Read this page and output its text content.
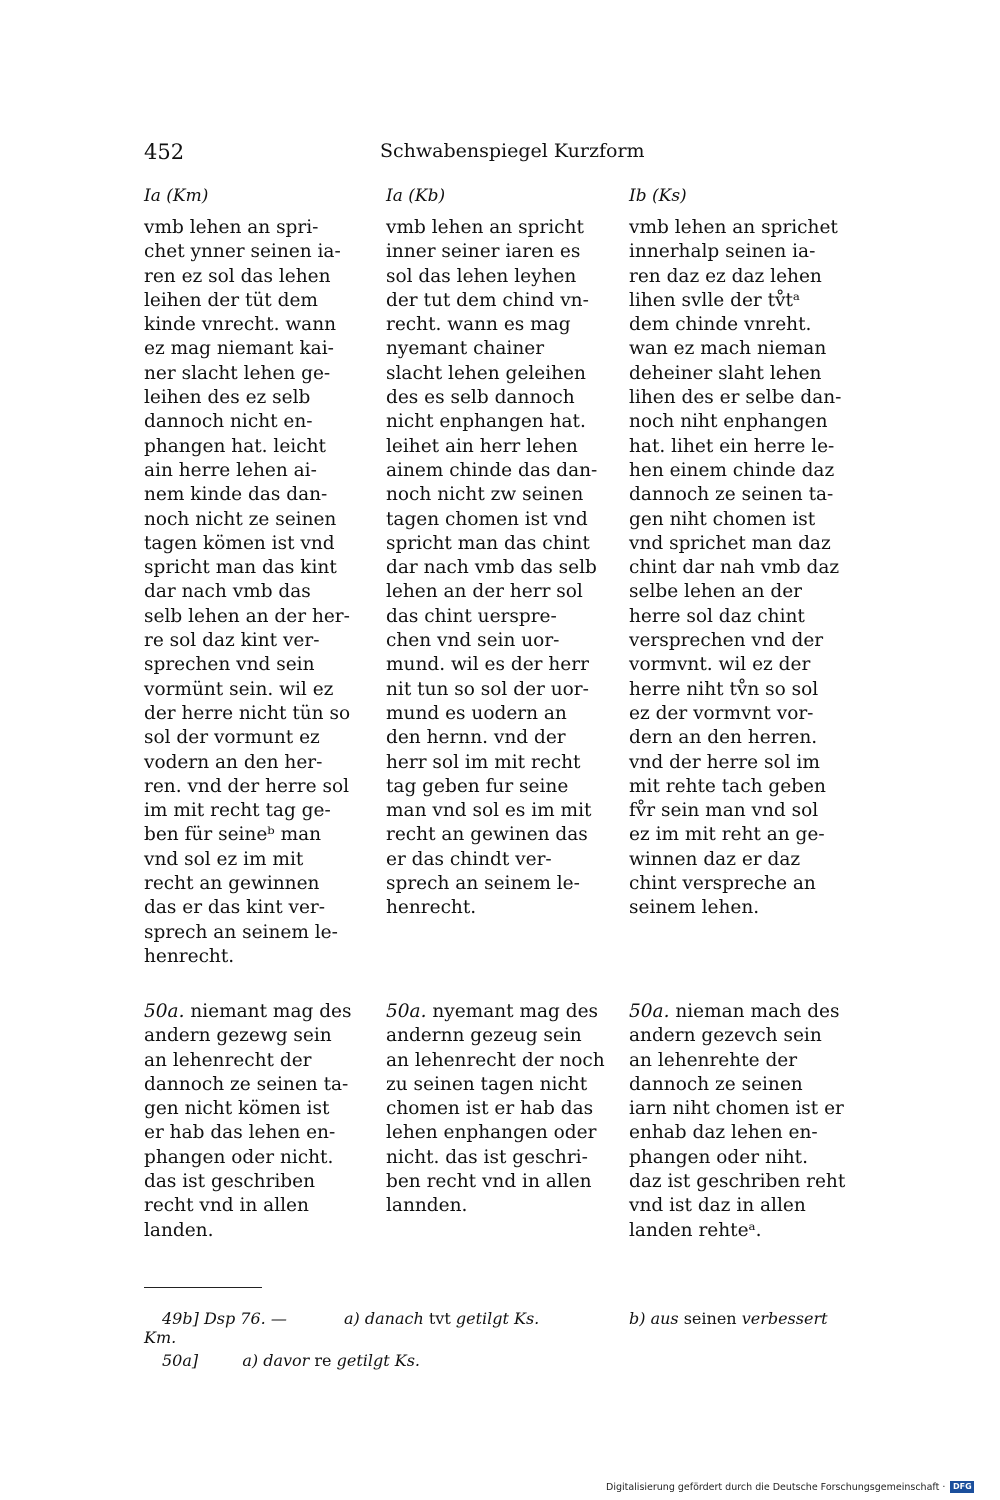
452	Schwabenspiegel Kurzform
Ia (Km)	Ia (Kb)	Ib (Ks)
vmb lehen an spri-
chet ynner seinen ia-
ren ez sol das lehen
leihen der tüt dem
kinde vnrecht. wann
ez mag niemant kai-
ner slacht lehen ge-
leihen des ez selb
dannoch nicht en-
phangen hat. leicht
ain herre lehen ai-
nem kinde das dan-
noch nicht ze seinen
tagen kömen ist vnd
spricht man das kint
dar nach vmb das
selb lehen an der her-
re sol daz kint ver-
sprechen vnd sein
vormünt sein. wil ez
der herre nicht tün so
sol der vormunt ez
vodern an den her-
ren. vnd der herre sol
im mit recht tag ge-
ben für seineᵇ man
vnd sol ez im mit
recht an gewinnen
das er das kint ver-
sprech an seinem le-
henrecht.
vmb lehen an spricht
inner seiner iaren es
sol das lehen leyhen
der tut dem chind vn-
recht. wann es mag
nyemant chainer
slacht lehen geleihen
des es selb dannoch
nicht enphangen hat.
leihet ain herr lehen
ainem chinde das dan-
noch nicht zw seinen
tagen chomen ist vnd
spricht man das chint
dar nach vmb das selb
lehen an der herr sol
das chint uersprе-
chen vnd sein uor-
mund. wil es der herr
nit tun so sol der uor-
mund es uodern an
den hernn. vnd der
herr sol im mit recht
tag geben fur seine
man vnd sol es im mit
recht an gewinen das
er das chindt ver-
sprech an seinem le-
henrecht.
vmb lehen an sprichet
innerhalp seinen ia-
ren daz ez daz lehen
lihen svlle der tv̊tᵃ
dem chinde vnreht.
wan ez mach nieman
deheiner slaht lehen
lihen des er selbe dan-
noch niht enphangen
hat. lihet ein herre le-
hen einem chinde daz
dannoch ze seinen ta-
gen niht chomen ist
vnd sprichet man daz
chint dar nah vmb daz
selbe lehen an der
herre sol daz chint
versprechen vnd der
vormvnt. wil ez der
herre niht tv̊n so sol
ez der vormvnt vor-
dern an den herren.
vnd der herre sol im
mit rehte tach geben
fv̊r sein man vnd sol
ez im mit reht an ge-
winnen daz er daz
chint versprеche an
seinem lehen.
50a. niemant mag des
andern gezewg sein
an lehenrecht der
dannoch ze seinen ta-
gen nicht kömen ist
er hab das lehen en-
phangen oder nicht.
das ist geschriben
recht vnd in allen
landen.
50a. nyemant mag des
andernn gezeug sein
an lehenrecht der noch
zu seinen tagen nicht
chomen ist er hab das
lehen enphangen oder
nicht. das ist geschri-
ben recht vnd in allen
lannden.
50a. nieman mach des
andern gezevch sein
an lehenrehte der
dannoch ze seinen
iarn niht chomen ist er
enhab daz lehen en-
phangen oder niht.
daz ist geschriben reht
vnd ist daz in allen
landen rehteᵃ.
49b] Dsp 76. —	a) danach tvt getilgt Ks.	b) aus seinen verbessert
Km.
50a]	a) davor re getilgt Ks.
Digitalisierung gefördert durch die Deutsche Forschungsgemeinschaft · DFG
